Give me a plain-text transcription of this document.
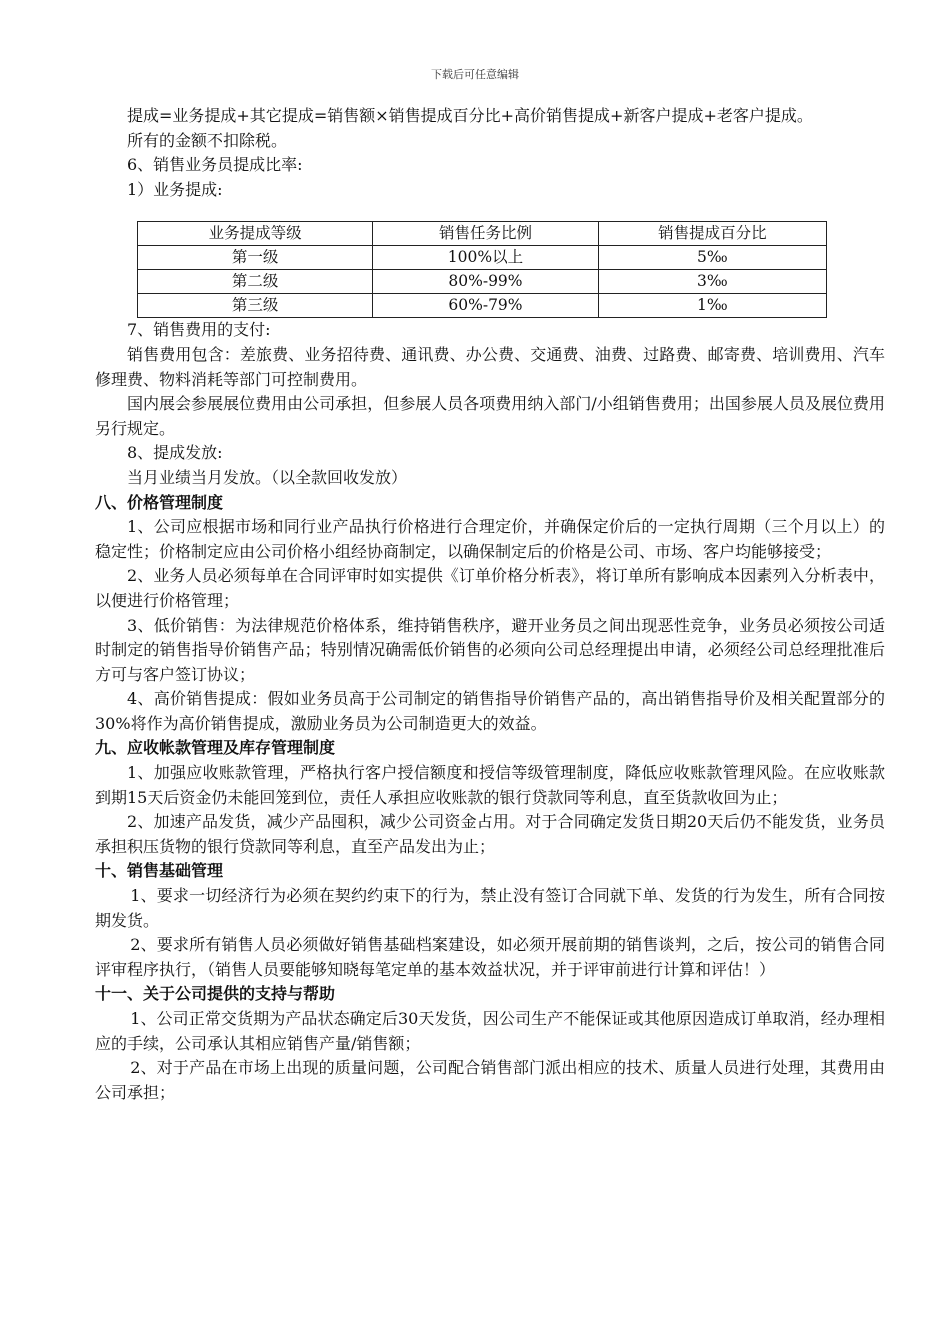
下载后可任意编辑

提成=业务提成+其它提成=销售额×销售提成百分比+高价销售提成+新客户提成+老客户提成。

所有的金额不扣除税。

6、销售业务员提成比率:

1）业务提成:

业务提成等级	销售任务比例	销售提成百分比
第一级	100%以上	5‰
第二级	80%-99%	3‰
第三级	60%-79%	1‰

7、销售费用的支付:

销售费用包含：差旅费、业务招待费、通讯费、办公费、交通费、油费、过路费、邮寄费、培训费用、汽车修理费、物料消耗等部门可控制费用。

国内展会参展展位费用由公司承担，但参展人员各项费用纳入部门/小组销售费用；出国参展人员及展位费用另行规定。

8、提成发放:

当月业绩当月发放。（以全款回收发放）

八、价格管理制度

1、公司应根据市场和同行业产品执行价格进行合理定价，并确保定价后的一定执行周期（三个月以上）的稳定性；价格制定应由公司价格小组经协商制定，以确保制定后的价格是公司、市场、客户均能够接受；

2、业务人员必须每单在合同评审时如实提供《订单价格分析表》，将订单所有影响成本因素列入分析表中，以便进行价格管理；

3、低价销售：为法律规范价格体系，维持销售秩序，避开业务员之间出现恶性竞争，业务员必须按公司适时制定的销售指导价销售产品；特别情况确需低价销售的必须向公司总经理提出申请，必须经公司总经理批准后方可与客户签订协议；

4、高价销售提成：假如业务员高于公司制定的销售指导价销售产品的，高出销售指导价及相关配置部分的30%将作为高价销售提成，激励业务员为公司制造更大的效益。

九、应收帐款管理及库存管理制度

1、加强应收账款管理，严格执行客户授信额度和授信等级管理制度，降低应收账款管理风险。在应收账款到期15天后资金仍未能回笼到位，责任人承担应收账款的银行贷款同等利息，直至货款收回为止；

2、加速产品发货，减少产品囤积，减少公司资金占用。对于合同确定发货日期20天后仍不能发货，业务员承担积压货物的银行贷款同等利息，直至产品发出为止；

十、销售基础管理

1、要求一切经济行为必须在契约约束下的行为，禁止没有签订合同就下单、发货的行为发生，所有合同按期发货。

2、要求所有销售人员必须做好销售基础档案建设，如必须开展前期的销售谈判，之后，按公司的销售合同评审程序执行，（销售人员要能够知晓每笔定单的基本效益状况，并于评审前进行计算和评估！）

十一、关于公司提供的支持与帮助

1、公司正常交货期为产品状态确定后30天发货，因公司生产不能保证或其他原因造成订单取消，经办理相应的手续，公司承认其相应销售产量/销售额；

2、对于产品在市场上出现的质量问题，公司配合销售部门派出相应的技术、质量人员进行处理，其费用由公司承担；
